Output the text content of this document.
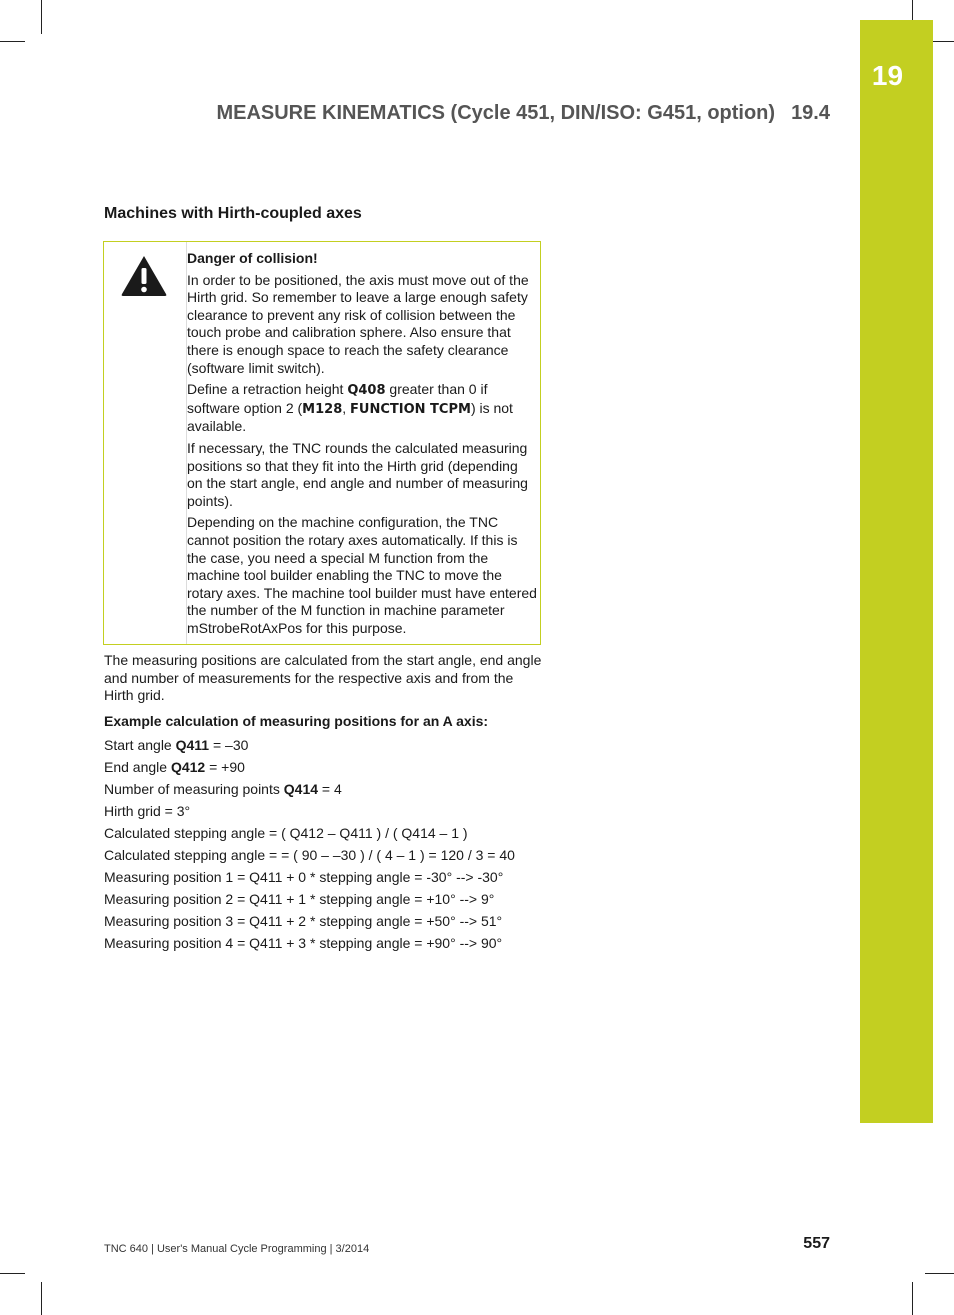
19
MEASURE KINEMATICS (Cycle 451, DIN/ISO: G451, option) 19.4
Machines with Hirth-coupled axes

Danger of collision!

In order to be positioned, the axis must move out of the Hirth grid. So remember to leave a large enough safety clearance to prevent any risk of collision between the touch probe and calibration sphere. Also ensure that there is enough space to reach the safety clearance (software limit switch).

Define a retraction height Q408 greater than 0 if software option 2 (M128, FUNCTION TCPM) is not available.

If necessary, the TNC rounds the calculated measuring positions so that they fit into the Hirth grid (depending on the start angle, end angle and number of measuring points).

Depending on the machine configuration, the TNC cannot position the rotary axes automatically. If this is the case, you need a special M function from the machine tool builder enabling the TNC to move the rotary axes. The machine tool builder must have entered the number of the M function in machine parameter mStrobeRotAxPos for this purpose.

The measuring positions are calculated from the start angle, end angle and number of measurements for the respective axis and from the Hirth grid.

Example calculation of measuring positions for an A axis:

Start angle Q411 = –30
End angle Q412 = +90
Number of measuring points Q414 = 4
Hirth grid = 3°
Calculated stepping angle = ( Q412 – Q411 ) / ( Q414 – 1 )
Calculated stepping angle = = ( 90 – –30 ) / ( 4 – 1 ) = 120 / 3 = 40
Measuring position 1 = Q411 + 0 * stepping angle = -30° --> -30°
Measuring position 2 = Q411 + 1 * stepping angle = +10° --> 9°
Measuring position 3 = Q411 + 2 * stepping angle = +50° --> 51°
Measuring position 4 = Q411 + 3 * stepping angle = +90° --> 90°
TNC 640 | User's Manual Cycle Programming | 3/2014	557
